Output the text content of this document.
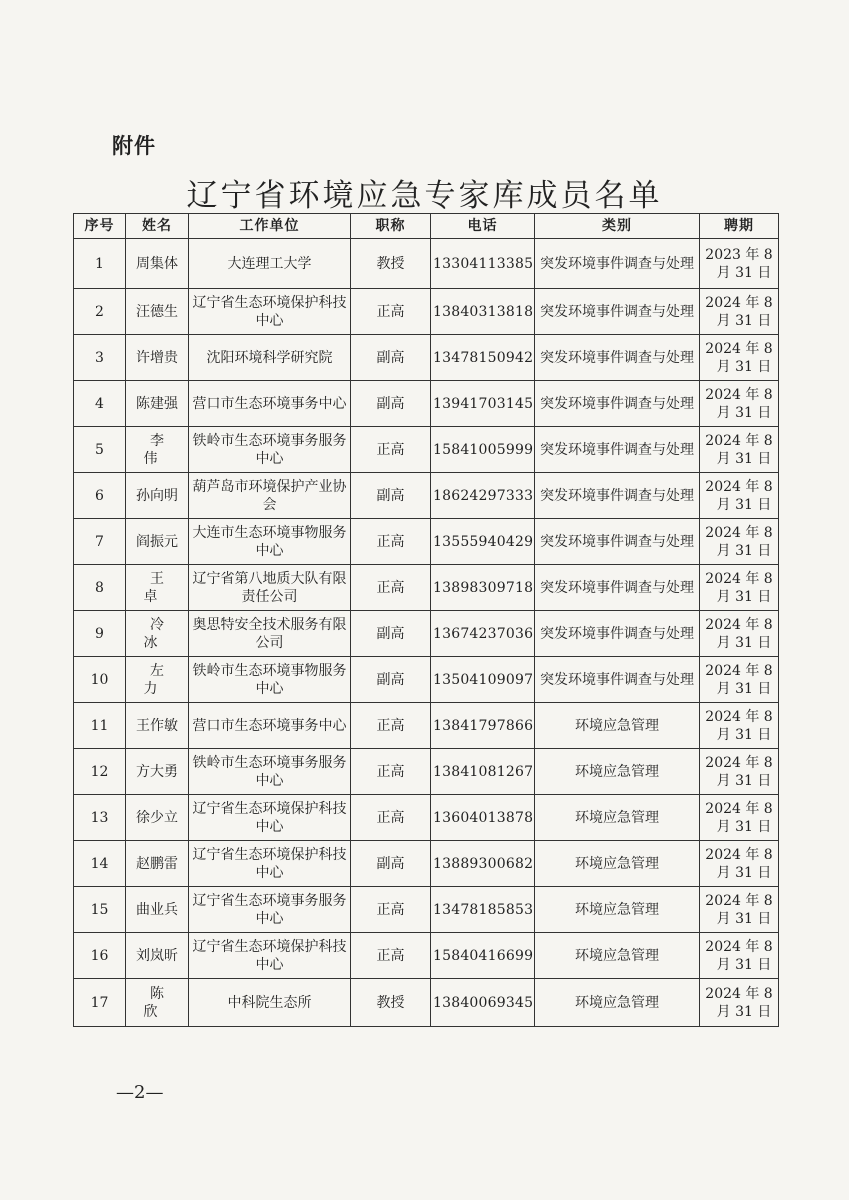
附件
辽宁省环境应急专家库成员名单
序号	姓名	工作单位	职称	电话	类别	聘期
1	周集体	大连理工大学	教授	13304113385	突发环境事件调查与处理	2023 年 8
月 31 日

2	汪德生	辽宁省生态环境保护科技中心	正高	13840313818	突发环境事件调查与处理	2024 年 8
月 31 日

3	许增贵	沈阳环境科学研究院	副高	13478150942	突发环境事件调查与处理	2024 年 8
月 31 日

4	陈建强	营口市生态环境事务中心	副高	13941703145	突发环境事件调查与处理	2024 年 8
月 31 日

5	李伟	铁岭市生态环境事务服务中心	正高	15841005999	突发环境事件调查与处理	2024 年 8
月 31 日

6	孙向明	葫芦岛市环境保护产业协会	副高	18624297333	突发环境事件调查与处理	2024 年 8
月 31 日

7	阎振元	大连市生态环境事物服务中心	正高	13555940429	突发环境事件调查与处理	2024 年 8
月 31 日

8	王卓	辽宁省第八地质大队有限责任公司	正高	13898309718	突发环境事件调查与处理	2024 年 8
月 31 日

9	冷冰	奥思特安全技术服务有限公司	副高	13674237036	突发环境事件调查与处理	2024 年 8
月 31 日

10	左力	铁岭市生态环境事物服务中心	副高	13504109097	突发环境事件调查与处理	2024 年 8
月 31 日

11	王作敏	营口市生态环境事务中心	正高	13841797866	环境应急管理	2024 年 8
月 31 日

12	方大勇	铁岭市生态环境事务服务中心	正高	13841081267	环境应急管理	2024 年 8
月 31 日

13	徐少立	辽宁省生态环境保护科技中心	正高	13604013878	环境应急管理	2024 年 8
月 31 日

14	赵鹏雷	辽宁省生态环境保护科技中心	副高	13889300682	环境应急管理	2024 年 8
月 31 日

15	曲业兵	辽宁省生态环境事务服务中心	正高	13478185853	环境应急管理	2024 年 8
月 31 日

16	刘岚昕	辽宁省生态环境保护科技中心	正高	15840416699	环境应急管理	2024 年 8
月 31 日

17	陈欣	中科院生态所	教授	13840069345	环境应急管理	2024 年 8
月 31 日
—2—
